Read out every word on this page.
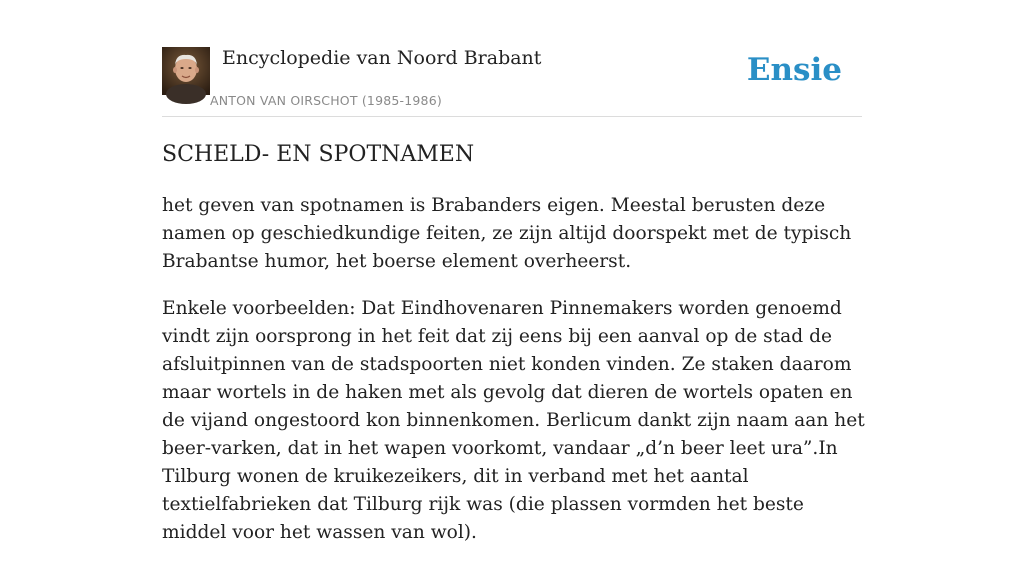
Encyclopedie van Noord Brabant
ANTON VAN OIRSCHOT (1985-1986)
Ensie
SCHELD- EN SPOTNAMEN

het geven van spotnamen is Brabanders eigen. Meestal berusten deze namen op geschiedkundige feiten, ze zijn altijd doorspekt met de typisch Brabantse humor, het boerse element overheerst.

Enkele voorbeelden: Dat Eindhovenaren Pinnemakers worden genoemd vindt zijn oorsprong in het feit dat zij eens bij een aanval op de stad de afsluitpinnen van de stadspoorten niet konden vinden. Ze staken daarom maar wortels in de haken met als gevolg dat dieren de wortels opaten en de vijand ongestoord kon binnenkomen. Berlicum dankt zijn naam aan het beer-varken, dat in het wapen voorkomt, vandaar „d’n beer leet ura”.In Tilburg wonen de kruikezeikers, dit in verband met het aantal textielfabrieken dat Tilburg rijk was (die plassen vormden het beste middel voor het wassen van wol).
